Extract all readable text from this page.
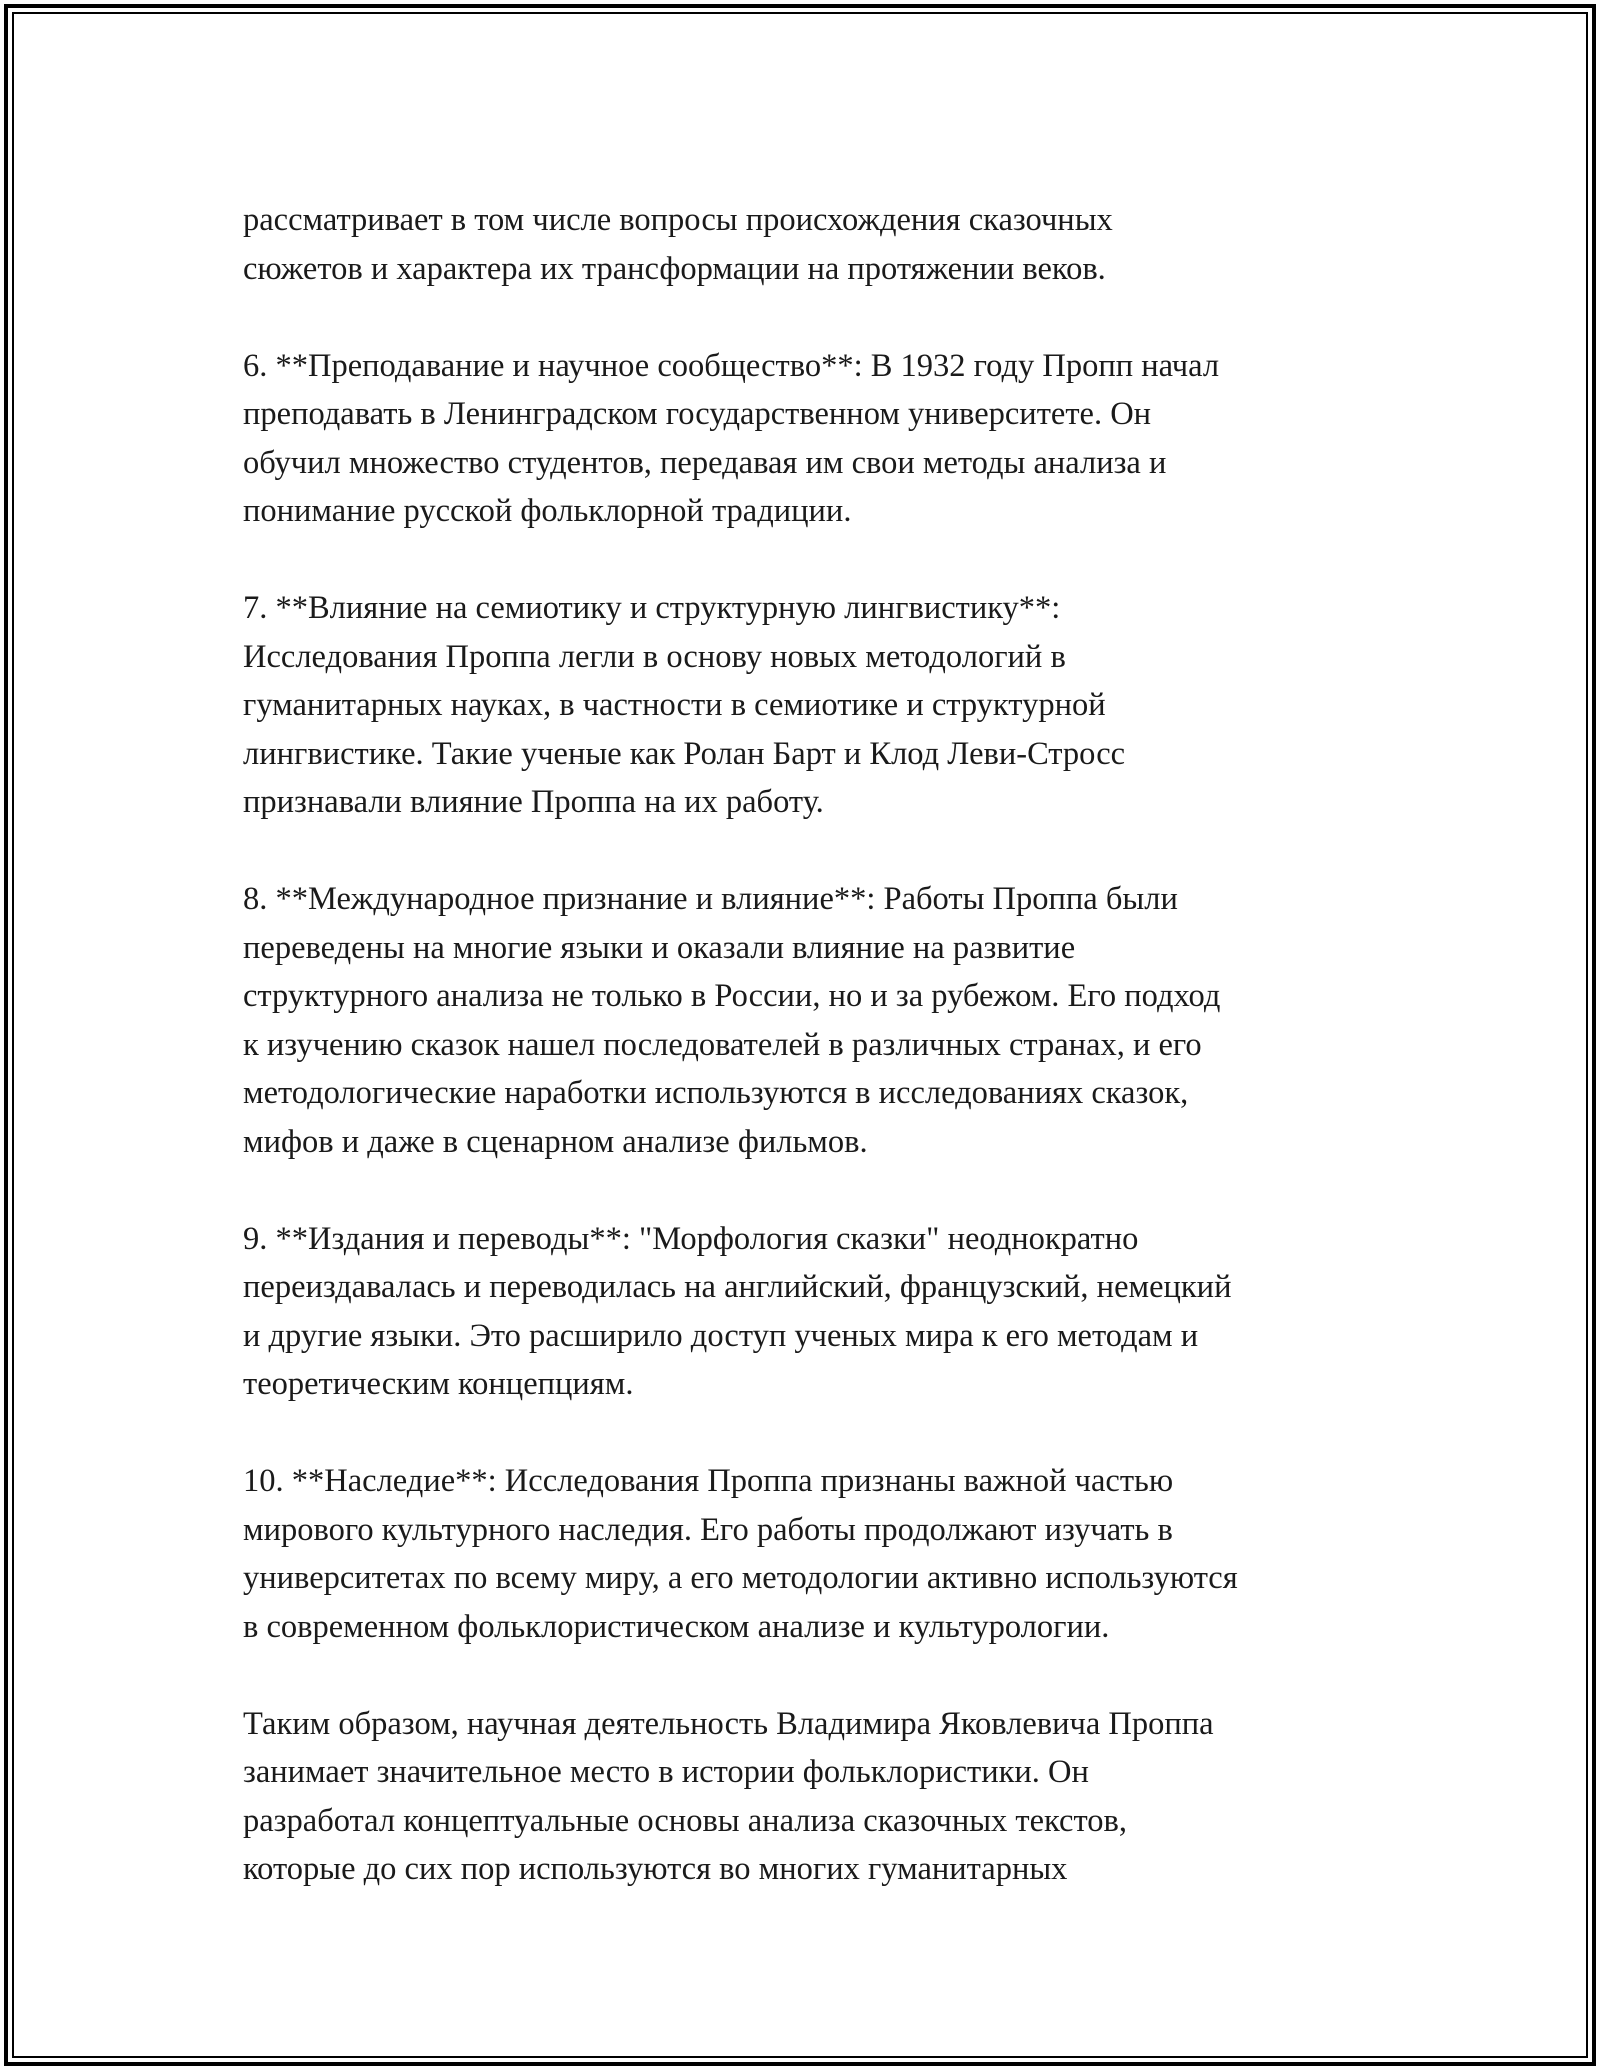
рассматривает в том числе вопросы происхождения сказочных
сюжетов и характера их трансформации на протяжении веков.

6. **Преподавание и научное сообщество**: В 1932 году Пропп начал
преподавать в Ленинградском государственном университете. Он
обучил множество студентов, передавая им свои методы анализа и
понимание русской фольклорной традиции.

7. **Влияние на семиотику и структурную лингвистику**:
Исследования Проппа легли в основу новых методологий в
гуманитарных науках, в частности в семиотике и структурной
лингвистике. Такие ученые как Ролан Барт и Клод Леви-Стросс
признавали влияние Проппа на их работу.

8. **Международное признание и влияние**: Работы Проппа были
переведены на многие языки и оказали влияние на развитие
структурного анализа не только в России, но и за рубежом. Его подход
к изучению сказок нашел последователей в различных странах, и его
методологические наработки используются в исследованиях сказок,
мифов и даже в сценарном анализе фильмов.

9. **Издания и переводы**: "Морфология сказки" неоднократно
переиздавалась и переводилась на английский, французский, немецкий
и другие языки. Это расширило доступ ученых мира к его методам и
теоретическим концепциям.

10. **Наследие**: Исследования Проппа признаны важной частью
мирового культурного наследия. Его работы продолжают изучать в
университетах по всему миру, а его методологии активно используются
в современном фольклористическом анализе и культурологии.

Таким образом, научная деятельность Владимира Яковлевича Проппа
занимает значительное место в истории фольклористики. Он
разработал концептуальные основы анализа сказочных текстов,
которые до сих пор используются во многих гуманитарных
